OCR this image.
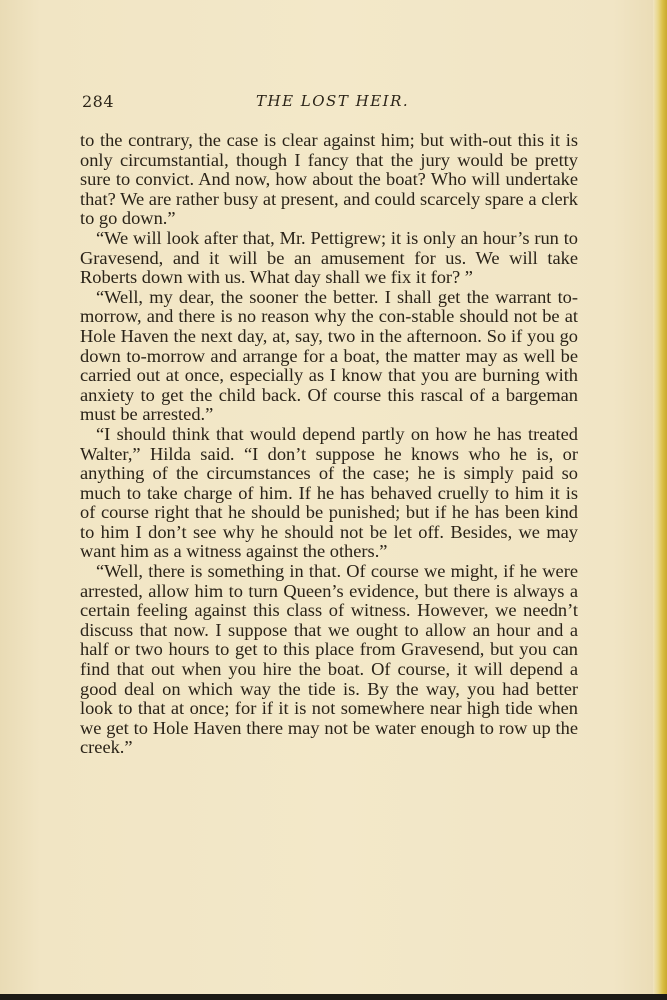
284	THE LOST HEIR.

to the contrary, the case is clear against him; but with-out this it is only circumstantial, though I fancy that the jury would be pretty sure to convict. And now, how about the boat? Who will undertake that? We are rather busy at present, and could scarcely spare a clerk to go down.”

“We will look after that, Mr. Pettigrew; it is only an hour’s run to Gravesend, and it will be an amusement for us. We will take Roberts down with us. What day shall we fix it for? ”

“Well, my dear, the sooner the better. I shall get the warrant to-morrow, and there is no reason why the con-stable should not be at Hole Haven the next day, at, say, two in the afternoon. So if you go down to-morrow and arrange for a boat, the matter may as well be carried out at once, especially as I know that you are burning with anxiety to get the child back. Of course this rascal of a bargeman must be arrested.”

“I should think that would depend partly on how he has treated Walter,” Hilda said. “I don’t suppose he knows who he is, or anything of the circumstances of the case; he is simply paid so much to take charge of him. If he has behaved cruelly to him it is of course right that he should be punished; but if he has been kind to him I don’t see why he should not be let off. Besides, we may want him as a witness against the others.”

“Well, there is something in that. Of course we might, if he were arrested, allow him to turn Queen’s evidence, but there is always a certain feeling against this class of witness. However, we needn’t discuss that now. I suppose that we ought to allow an hour and a half or two hours to get to this place from Gravesend, but you can find that out when you hire the boat. Of course, it will depend a good deal on which way the tide is. By the way, you had better look to that at once; for if it is not somewhere near high tide when we get to Hole Haven there may not be water enough to row up the creek.”
